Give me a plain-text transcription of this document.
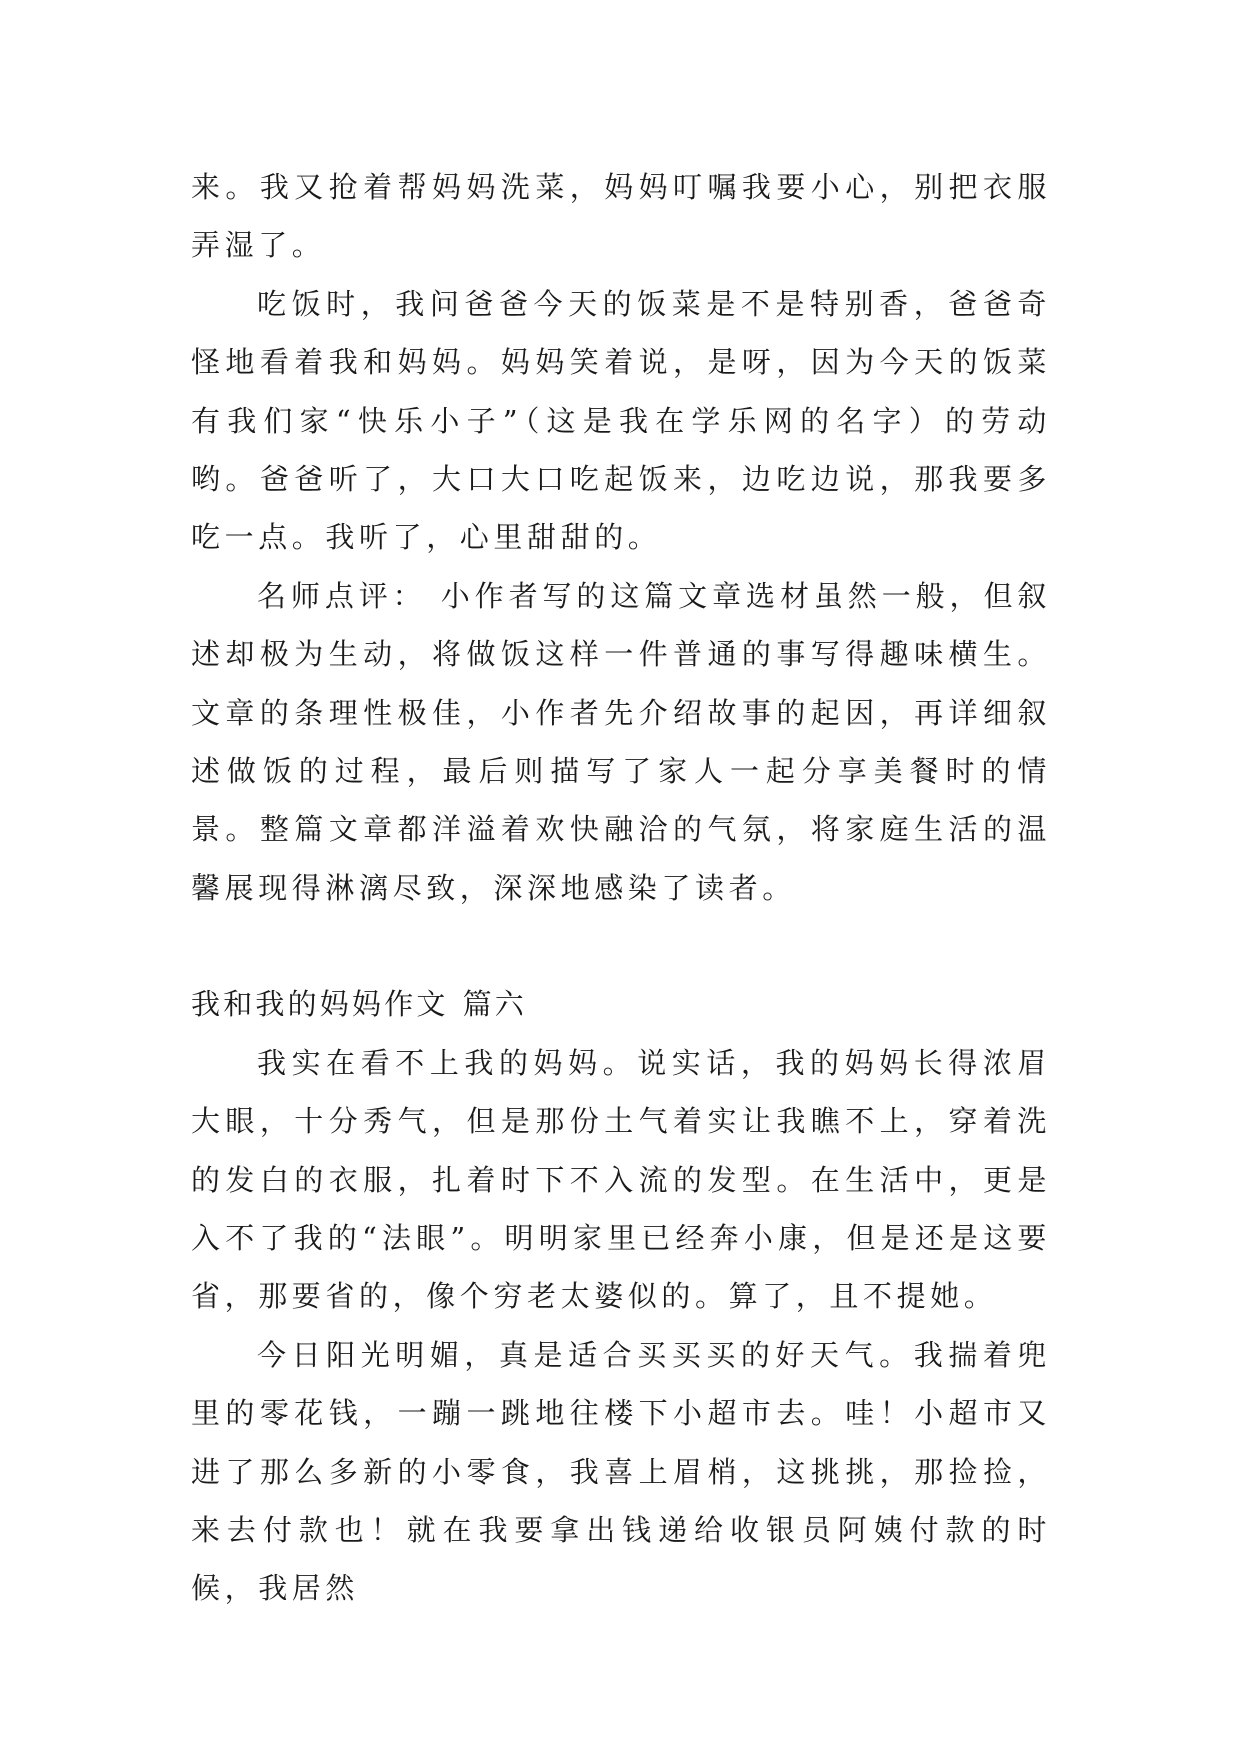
来。我又抢着帮妈妈洗菜，妈妈叮嘱我要小心，别把衣服弄湿了。

吃饭时，我问爸爸今天的饭菜是不是特别香，爸爸奇怪地看着我和妈妈。妈妈笑着说，是呀，因为今天的饭菜有我们家“快乐小子”（这是我在学乐网的名字）的劳动哟。爸爸听了，大口大口吃起饭来，边吃边说，那我要多吃一点。我听了，心里甜甜的。

名师点评： 小作者写的这篇文章选材虽然一般，但叙述却极为生动，将做饭这样一件普通的事写得趣味横生。文章的条理性极佳，小作者先介绍故事的起因，再详细叙述做饭的过程，最后则描写了家人一起分享美餐时的情景。整篇文章都洋溢着欢快融洽的气氛，将家庭生活的温馨展现得淋漓尽致，深深地感染了读者。

我和我的妈妈作文 篇六

我实在看不上我的妈妈。说实话，我的妈妈长得浓眉大眼，十分秀气，但是那份土气着实让我瞧不上，穿着洗的发白的衣服，扎着时下不入流的发型。在生活中，更是入不了我的“法眼”。明明家里已经奔小康，但是还是这要省，那要省的，像个穷老太婆似的。算了，且不提她。

今日阳光明媚，真是适合买买买的好天气。我揣着兜里的零花钱，一蹦一跳地往楼下小超市去。哇！小超市又进了那么多新的小零食，我喜上眉梢，这挑挑，那捡捡，来去付款也！就在我要拿出钱递给收银员阿姨付款的时候，我居然
